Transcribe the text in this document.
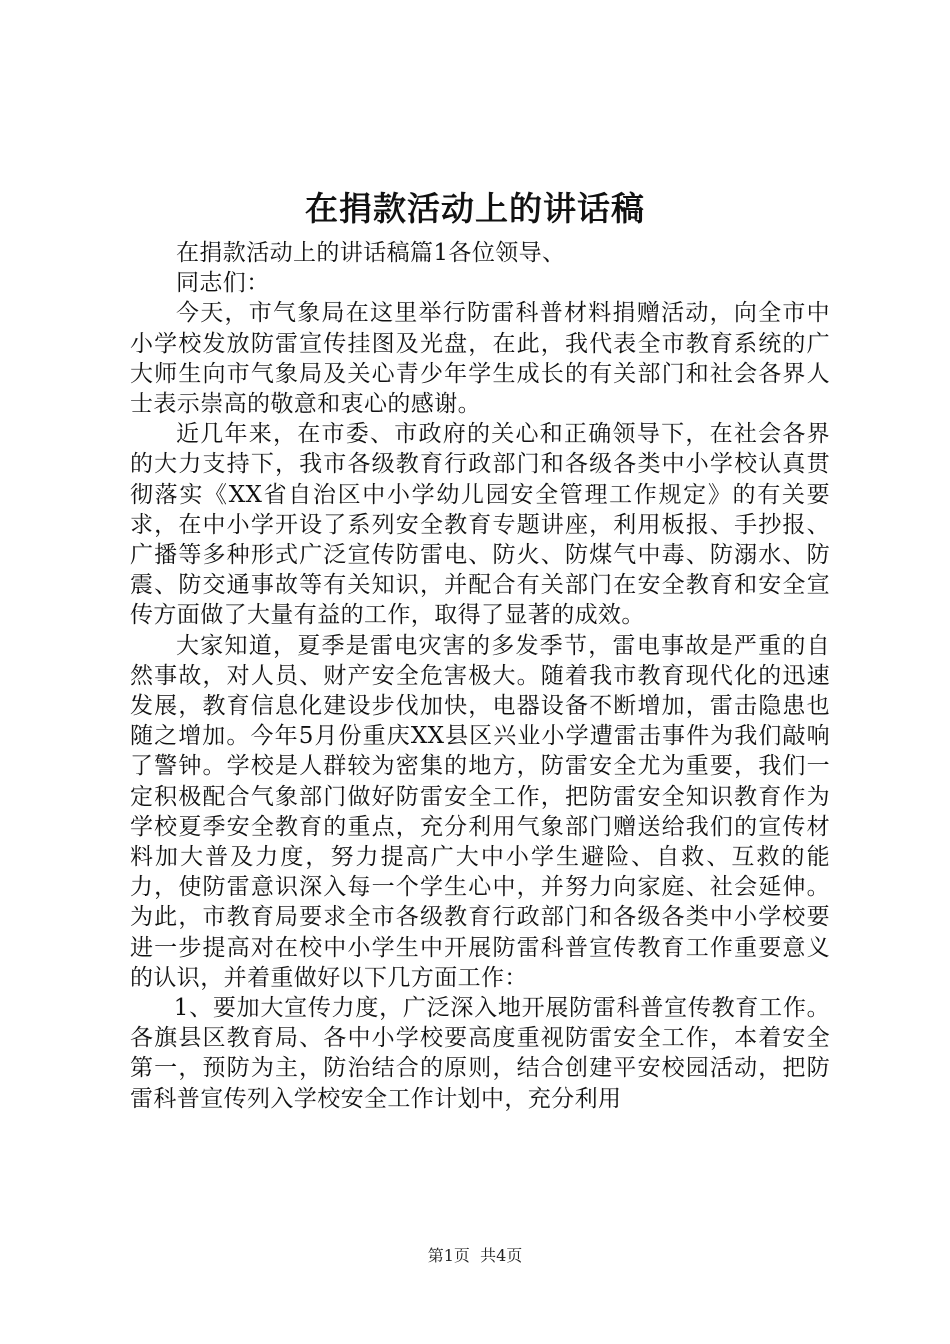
在捐款活动上的讲话稿

在捐款活动上的讲话稿篇1各位领导、

同志们：

今天，市气象局在这里举行防雷科普材料捐赠活动，向全市中小学校发放防雷宣传挂图及光盘，在此，我代表全市教育系统的广大师生向市气象局及关心青少年学生成长的有关部门和社会各界人士表示崇高的敬意和衷心的感谢。

近几年来，在市委、市政府的关心和正确领导下，在社会各界的大力支持下，我市各级教育行政部门和各级各类中小学校认真贯彻落实《XX省自治区中小学幼儿园安全管理工作规定》的有关要求，在中小学开设了系列安全教育专题讲座，利用板报、手抄报、广播等多种形式广泛宣传防雷电、防火、防煤气中毒、防溺水、防震、防交通事故等有关知识，并配合有关部门在安全教育和安全宣传方面做了大量有益的工作，取得了显著的成效。

大家知道，夏季是雷电灾害的多发季节，雷电事故是严重的自然事故，对人员、财产安全危害极大。随着我市教育现代化的迅速发展，教育信息化建设步伐加快，电器设备不断增加，雷击隐患也随之增加。今年5月份重庆XX县区兴业小学遭雷击事件为我们敲响了警钟。学校是人群较为密集的地方，防雷安全尤为重要，我们一定积极配合气象部门做好防雷安全工作，把防雷安全知识教育作为学校夏季安全教育的重点，充分利用气象部门赠送给我们的宣传材料加大普及力度，努力提高广大中小学生避险、自救、互救的能力，使防雷意识深入每一个学生心中，并努力向家庭、社会延伸。为此，市教育局要求全市各级教育行政部门和各级各类中小学校要进一步提高对在校中小学生中开展防雷科普宣传教育工作重要意义的认识，并着重做好以下几方面工作：

1、要加大宣传力度，广泛深入地开展防雷科普宣传教育工作。各旗县区教育局、各中小学校要高度重视防雷安全工作，本着安全第一，预防为主，防治结合的原则，结合创建平安校园活动，把防雷科普宣传列入学校安全工作计划中，充分利用

第1页 共4页
